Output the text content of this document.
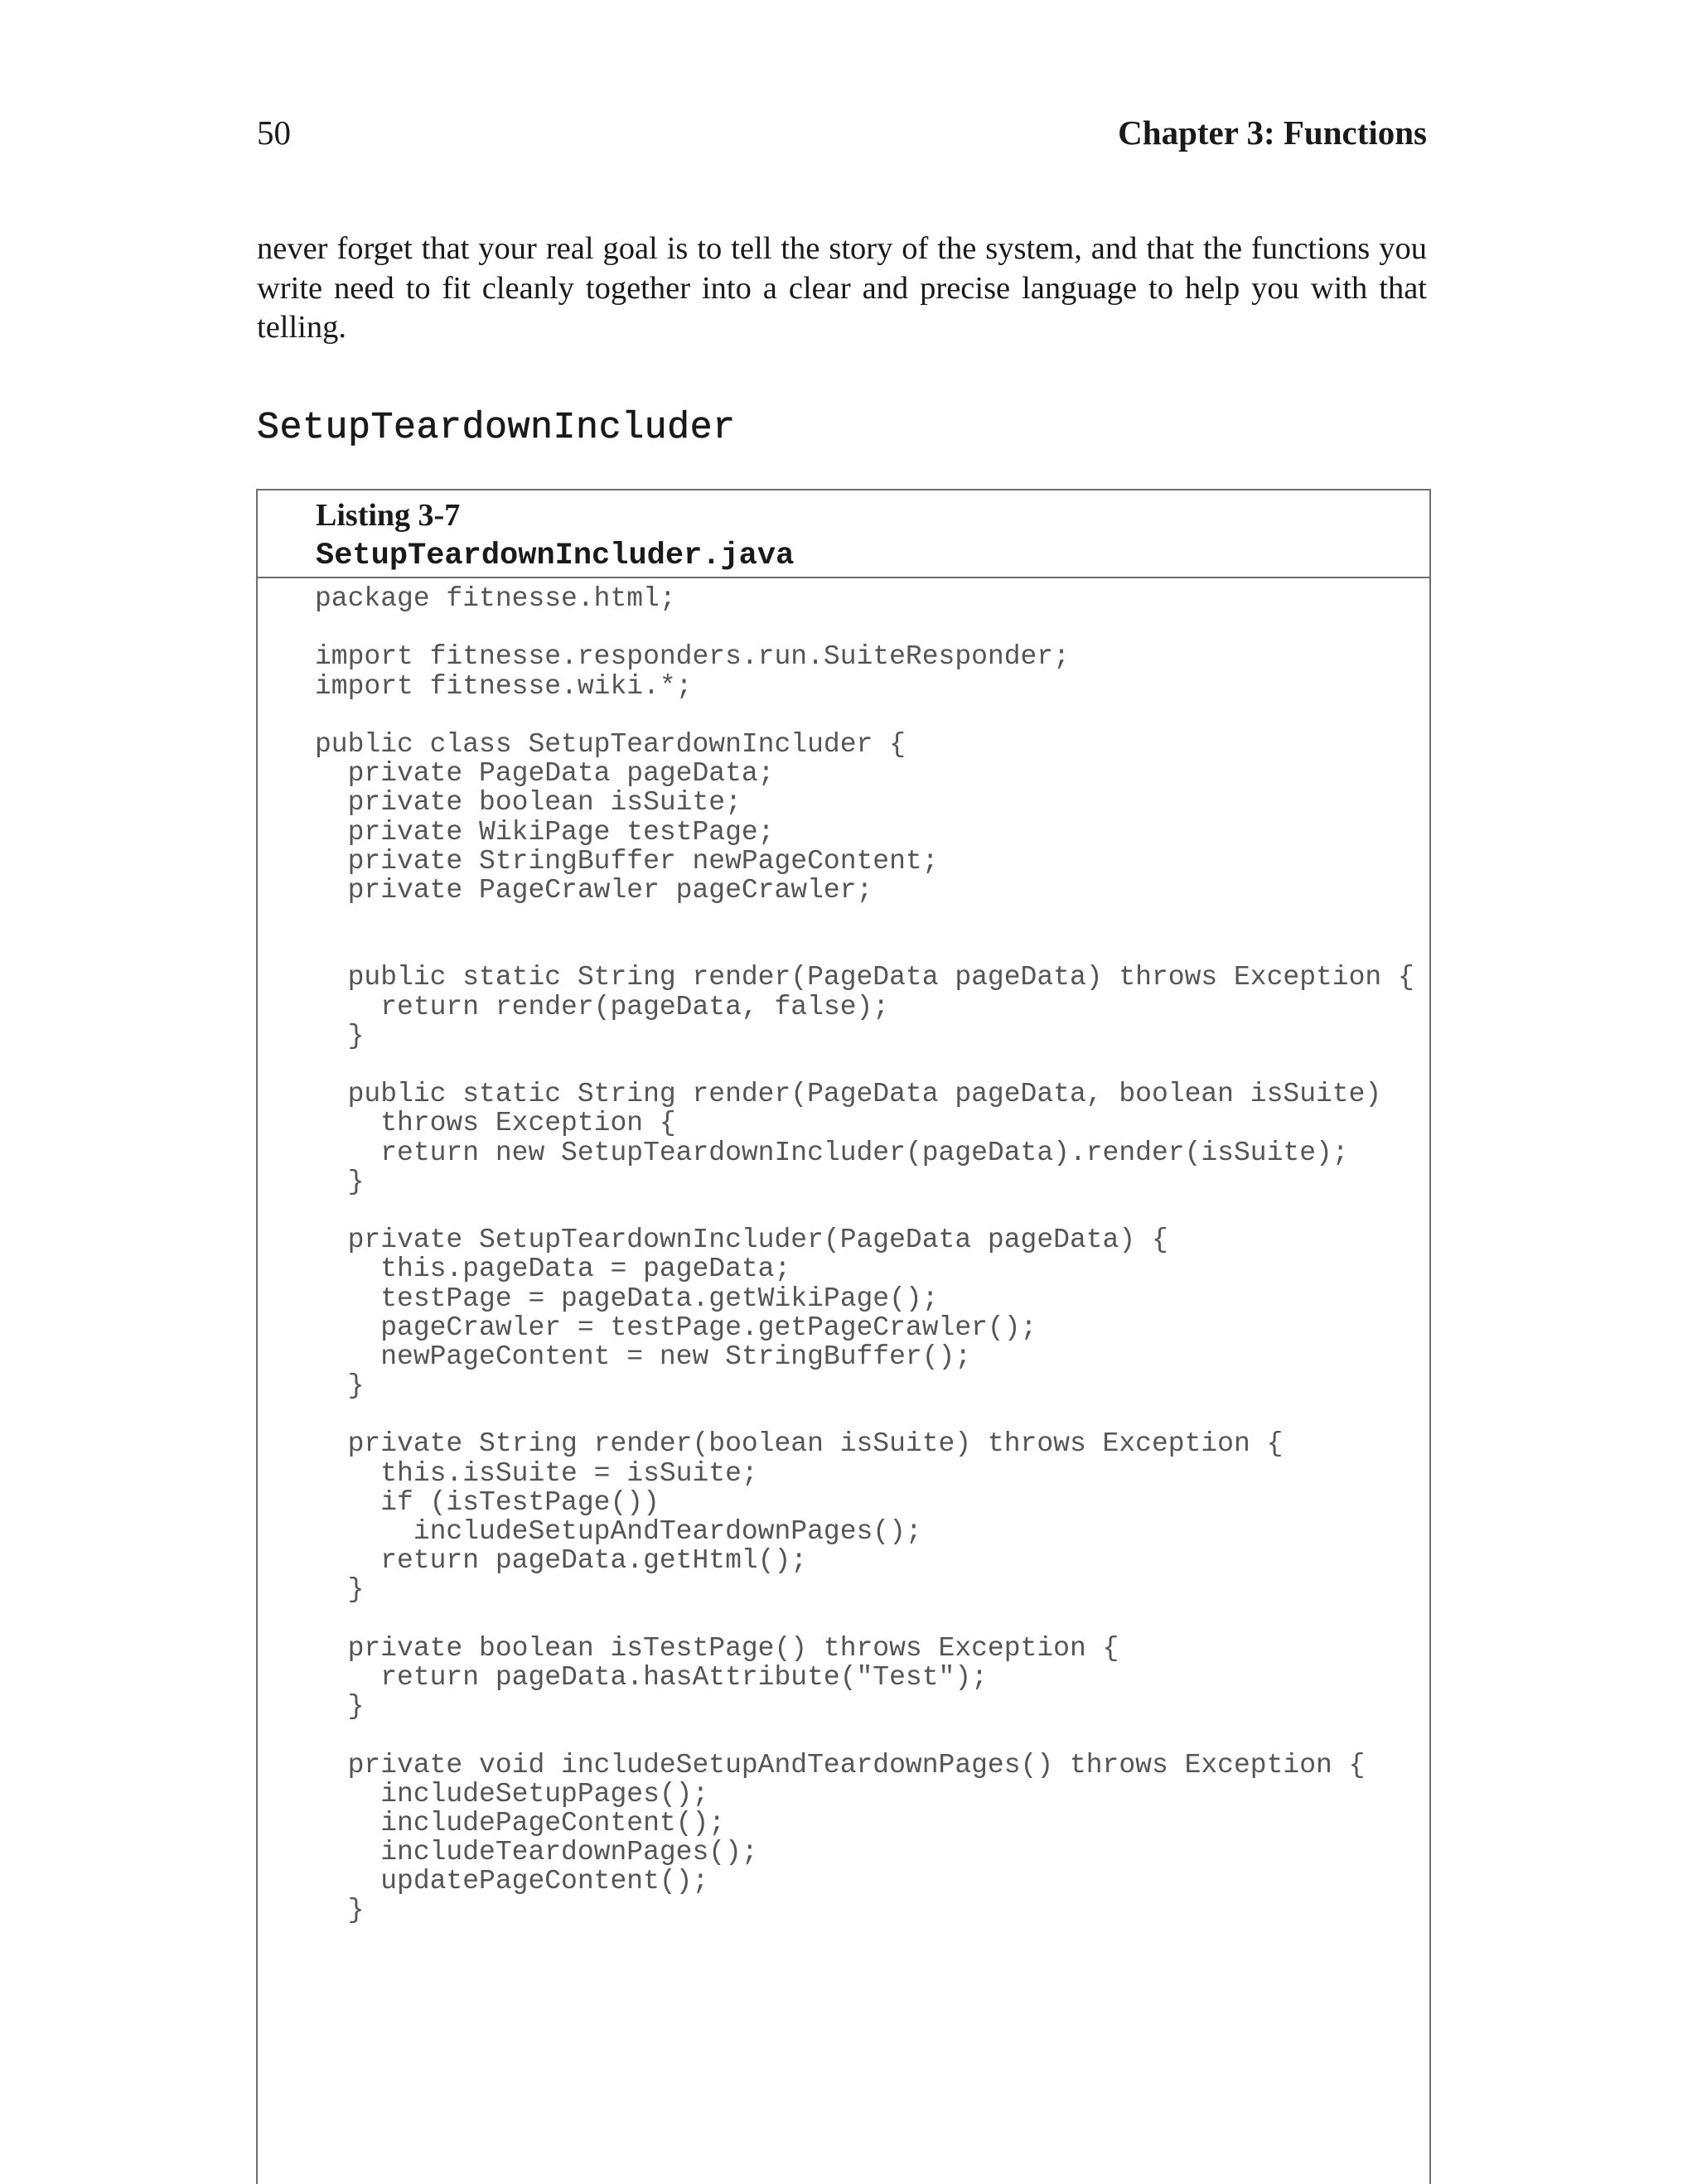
50	Chapter 3: Functions

never forget that your real goal is to tell the story of the system, and that the functions you write need to fit cleanly together into a clear and precise language to help you with that telling.

SetupTeardownIncluder
Listing 3-7
SetupTeardownIncluder.java
package fitnesse.html;
import fitnesse.responders.run.SuiteResponder;
import fitnesse.wiki.*;
public class SetupTeardownIncluder {
private PageData pageData;
private boolean isSuite;
private WikiPage testPage;
private StringBuffer newPageContent;
private PageCrawler pageCrawler;
public static String render(PageData pageData) throws Exception {
return render(pageData, false);
}
public static String render(PageData pageData, boolean isSuite)
throws Exception {
return new SetupTeardownIncluder(pageData).render(isSuite);
}
private SetupTeardownIncluder(PageData pageData) {
this.pageData = pageData;
testPage = pageData.getWikiPage();
pageCrawler = testPage.getPageCrawler();
newPageContent = new StringBuffer();
}
private String render(boolean isSuite) throws Exception {
this.isSuite = isSuite;
if (isTestPage())
includeSetupAndTeardownPages();
return pageData.getHtml();
}
private boolean isTestPage() throws Exception {
return pageData.hasAttribute("Test");
}
private void includeSetupAndTeardownPages() throws Exception {
includeSetupPages();
includePageContent();
includeTeardownPages();
updatePageContent();
}
